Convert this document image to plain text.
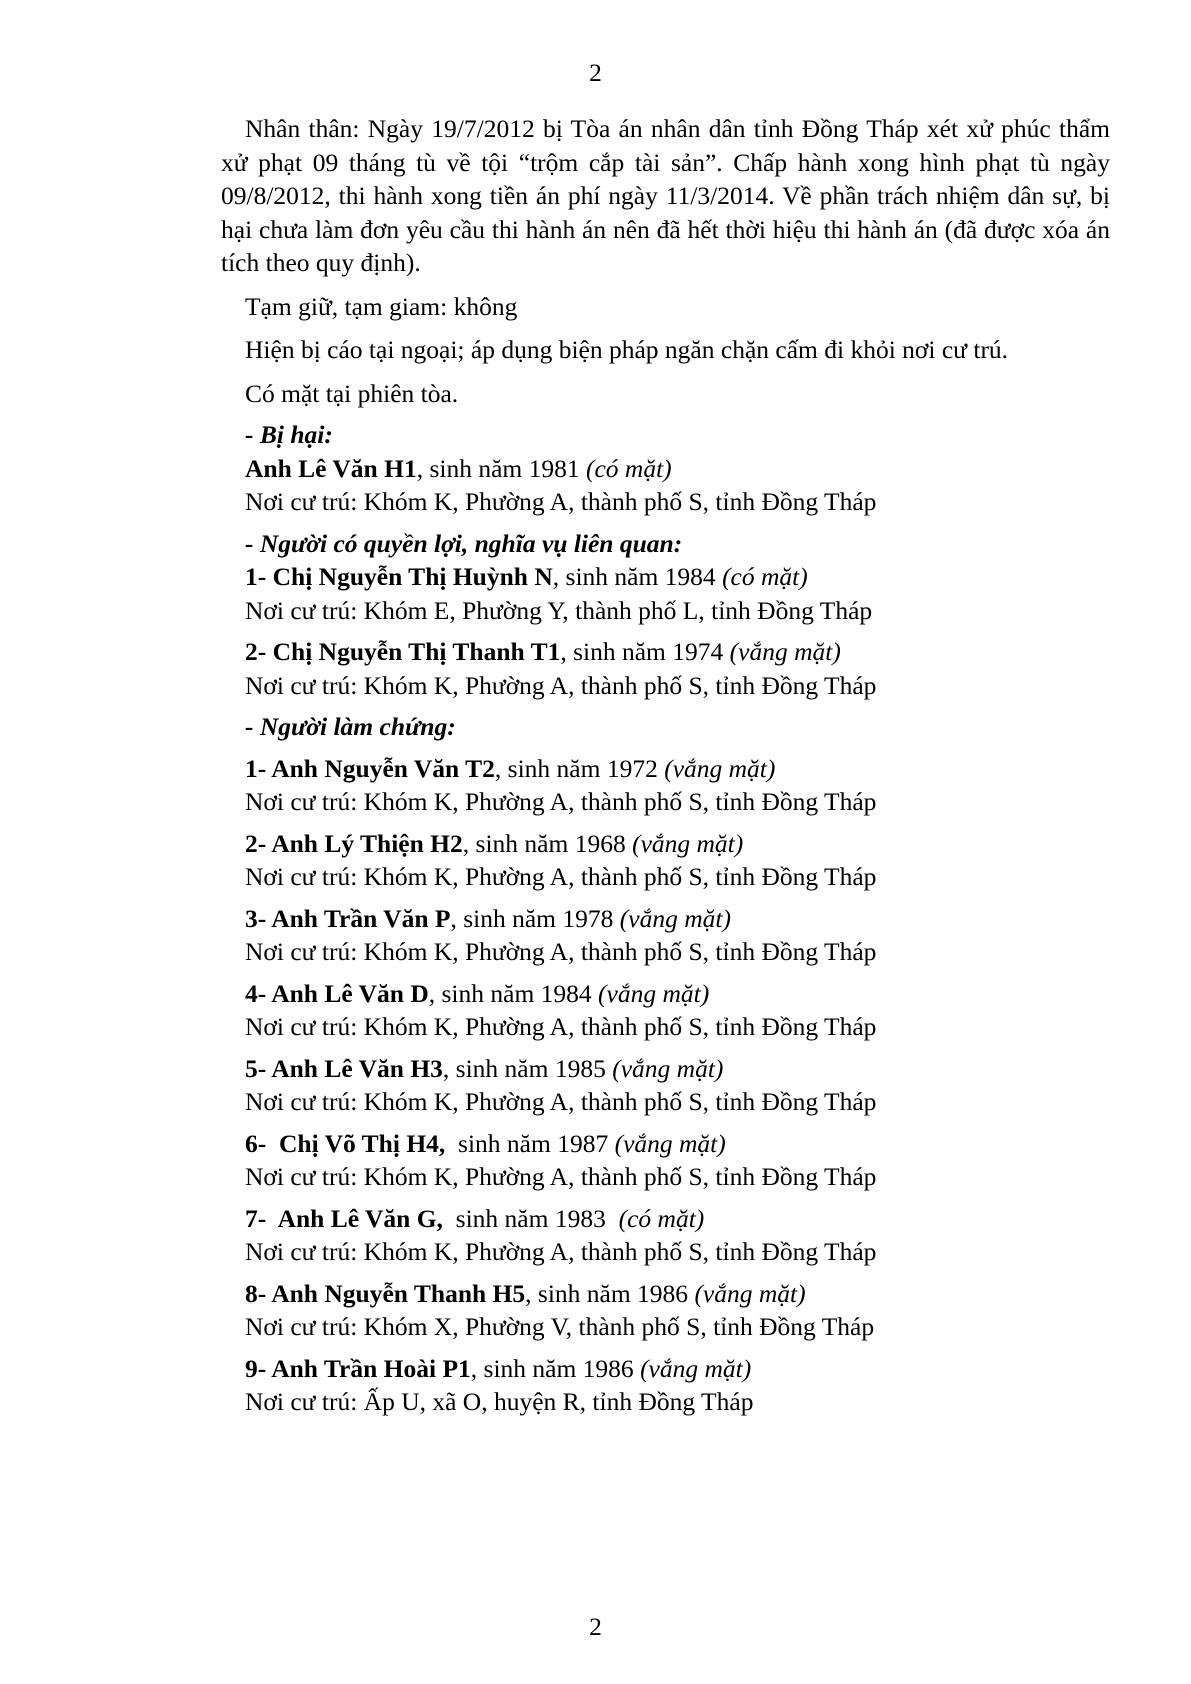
2

Nhân thân: Ngày 19/7/2012 bị Tòa án nhân dân tỉnh Đồng Tháp xét xử phúc thẩm xử phạt 09 tháng tù về tội “trộm cắp tài sản”. Chấp hành xong hình phạt tù ngày 09/8/2012, thi hành xong tiền án phí ngày 11/3/2014. Về phần trách nhiệm dân sự, bị hại chưa làm đơn yêu cầu thi hành án nên đã hết thời hiệu thi hành án (đã được xóa án tích theo quy định).

Tạm giữ, tạm giam: không

Hiện bị cáo tại ngoại; áp dụng biện pháp ngăn chặn cấm đi khỏi nơi cư trú.

Có mặt tại phiên tòa.

- Bị hại:

Anh Lê Văn H1, sinh năm 1981 (có mặt)

Nơi cư trú: Khóm K, Phường A, thành phố S, tỉnh Đồng Tháp

- Người có quyền lợi, nghĩa vụ liên quan:

1- Chị Nguyễn Thị Huỳnh N, sinh năm 1984 (có mặt)

Nơi cư trú: Khóm E, Phường Y, thành phố L, tỉnh Đồng Tháp

2- Chị Nguyễn Thị Thanh T1, sinh năm 1974 (vắng mặt)

Nơi cư trú: Khóm K, Phường A, thành phố S, tỉnh Đồng Tháp

- Người làm chứng:

1- Anh Nguyễn Văn T2, sinh năm 1972 (vắng mặt)

Nơi cư trú: Khóm K, Phường A, thành phố S, tỉnh Đồng Tháp

2- Anh Lý Thiện H2, sinh năm 1968 (vắng mặt)

Nơi cư trú: Khóm K, Phường A, thành phố S, tỉnh Đồng Tháp

3- Anh Trần Văn P, sinh năm 1978 (vắng mặt)

Nơi cư trú: Khóm K, Phường A, thành phố S, tỉnh Đồng Tháp

4- Anh Lê Văn D, sinh năm 1984 (vắng mặt)

Nơi cư trú: Khóm K, Phường A, thành phố S, tỉnh Đồng Tháp

5- Anh Lê Văn H3, sinh năm 1985 (vắng mặt)

Nơi cư trú: Khóm K, Phường A, thành phố S, tỉnh Đồng Tháp

6-  Chị Võ Thị H4,  sinh năm 1987 (vắng mặt)

Nơi cư trú: Khóm K, Phường A, thành phố S, tỉnh Đồng Tháp

7-  Anh Lê Văn G,  sinh năm 1983  (có mặt)

Nơi cư trú: Khóm K, Phường A, thành phố S, tỉnh Đồng Tháp

8- Anh Nguyễn Thanh H5, sinh năm 1986 (vắng mặt)

Nơi cư trú: Khóm X, Phường V, thành phố S, tỉnh Đồng Tháp

9- Anh Trần Hoài P1, sinh năm 1986 (vắng mặt)

Nơi cư trú: Ấp U, xã O, huyện R, tỉnh Đồng Tháp

2
